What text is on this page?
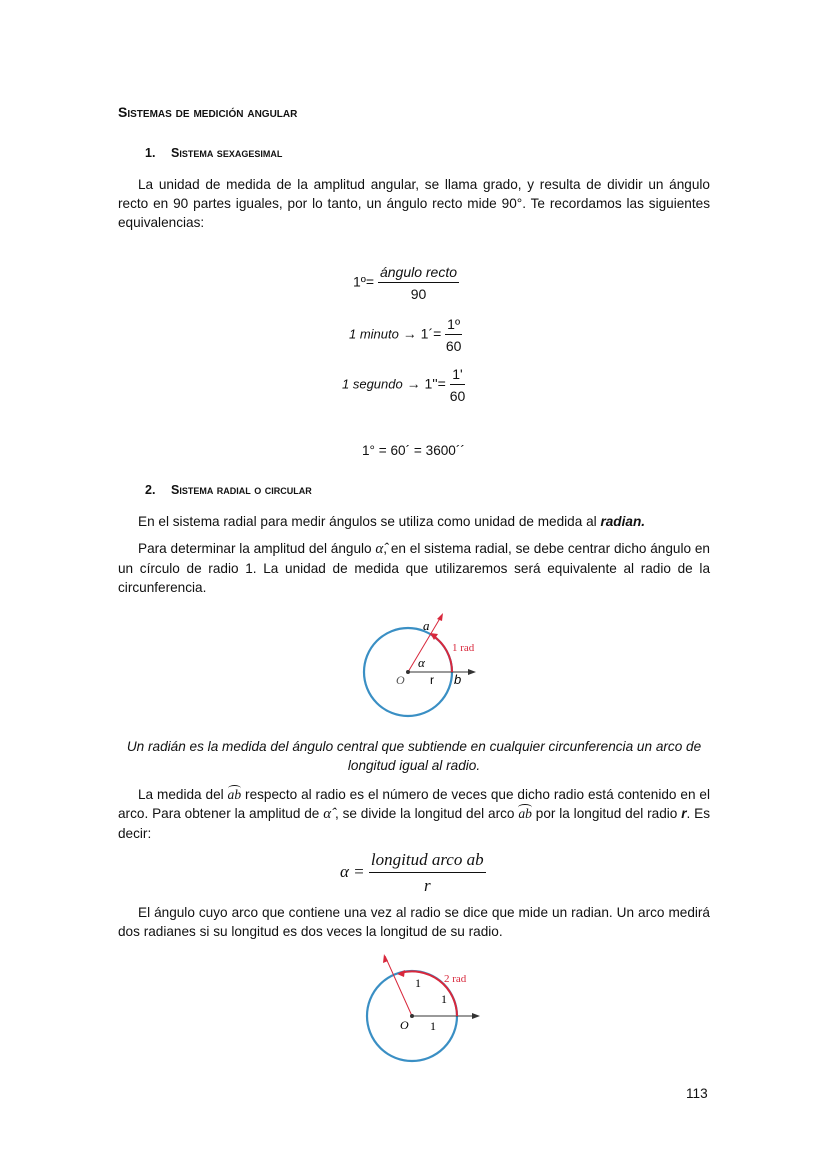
Sistemas de medición angular
1. Sistema sexagesimal
La unidad de medida de la amplitud angular, se llama grado, y resulta de dividir un ángulo recto en 90 partes iguales, por lo tanto, un ángulo recto mide 90°. Te recordamos las siguientes equivalencias:
1º= $\frac{\text{ángulo recto}}{90}$
1 minuto → 1´= $\frac{\text{1º}}{60}$
1 segundo → $1''= \frac{1'}{60}$
1° = 60´ = 3600´´
2. Sistema radial o circular
En el sistema radial para medir ángulos se utiliza como unidad de medida al radian.
Para determinar la amplitud del ángulo α̂, en el sistema radial, se debe centrar dicho ángulo en un círculo de radio 1. La unidad de medida que utilizaremos será equivalente al radio de la circunferencia.
a
α
O r b
1 rad
Un radián es la medida del ángulo central que subtiende en cualquier circunferencia un arco de longitud igual al radio.
La medida del ab respecto al radio es el número de veces que dicho radio está contenido en el arco. Para obtener la amplitud de α̂ , se divide la longitud del arco ab por la longitud del radio r. Es decir:
$\alpha = \frac{\text{longitud arco ab}}{r}$
El ángulo cuyo arco que contiene una vez al radio se dice que mide un radian. Un arco medirá dos radianes si su longitud es dos veces la longitud de su radio.
1
1
1
O
2 rad
113
